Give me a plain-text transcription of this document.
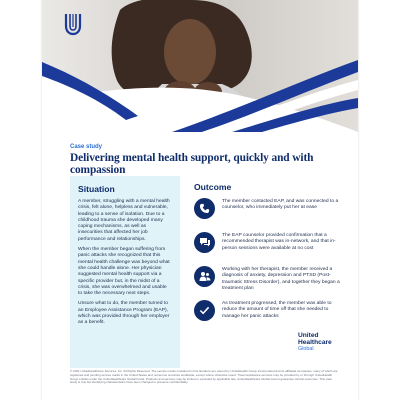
Case study
Delivering mental health support, quickly and with compassion
Situation

A member, struggling with a mental health crisis, felt alone, helpless and vulnerable, leading to a sense of isolation. Due to a childhood trauma she developed many coping mechanisms, as well as insecurities that affected her job performance and relationships.

When the member began suffering from panic attacks she recognized that this mental health challenge was beyond what she could handle alone. Her physician suggested mental health support via a specific provider but, in the midst of a crisis, she was overwhelmed and unable to take the necessary next steps.

Unsure what to do, the member turned to an Employee Assistance Program (EAP), which was provided through her employer as a benefit.

Outcome

The member contacted EAP, and was connected to a counselor, who immediately put her at ease

The EAP counselor provided confirmation that a recommended therapist was in-network, and that in-person sessions were available at no cost

Working with her therapist, the member received a diagnosis of anxiety, depression and PTSD (Post-traumatic Stress Disorder), and together they began a treatment plan

As treatment progressed, the member was able to reduce the amount of time off that she needed to manage her panic attacks

United
Healthcare
Global

© 2021 UnitedHealthcare Services, Inc. All Rights Reserved. The service marks contained in this literature are owned by UnitedHealth Group Incorporated and its affiliated companies, many of which are registered and pending service marks in the United States and numerous countries worldwide, except where otherwise noted. Travel assistance services may be provided by or through UnitedHealth Group entities under the UnitedHealthcare Global brand. Products and services may be limited or excluded by applicable law. UnitedHealthcare Global cannot guarantee clinical outcomes. This case study is true but identifying characteristics have been changed to preserve confidentiality.
